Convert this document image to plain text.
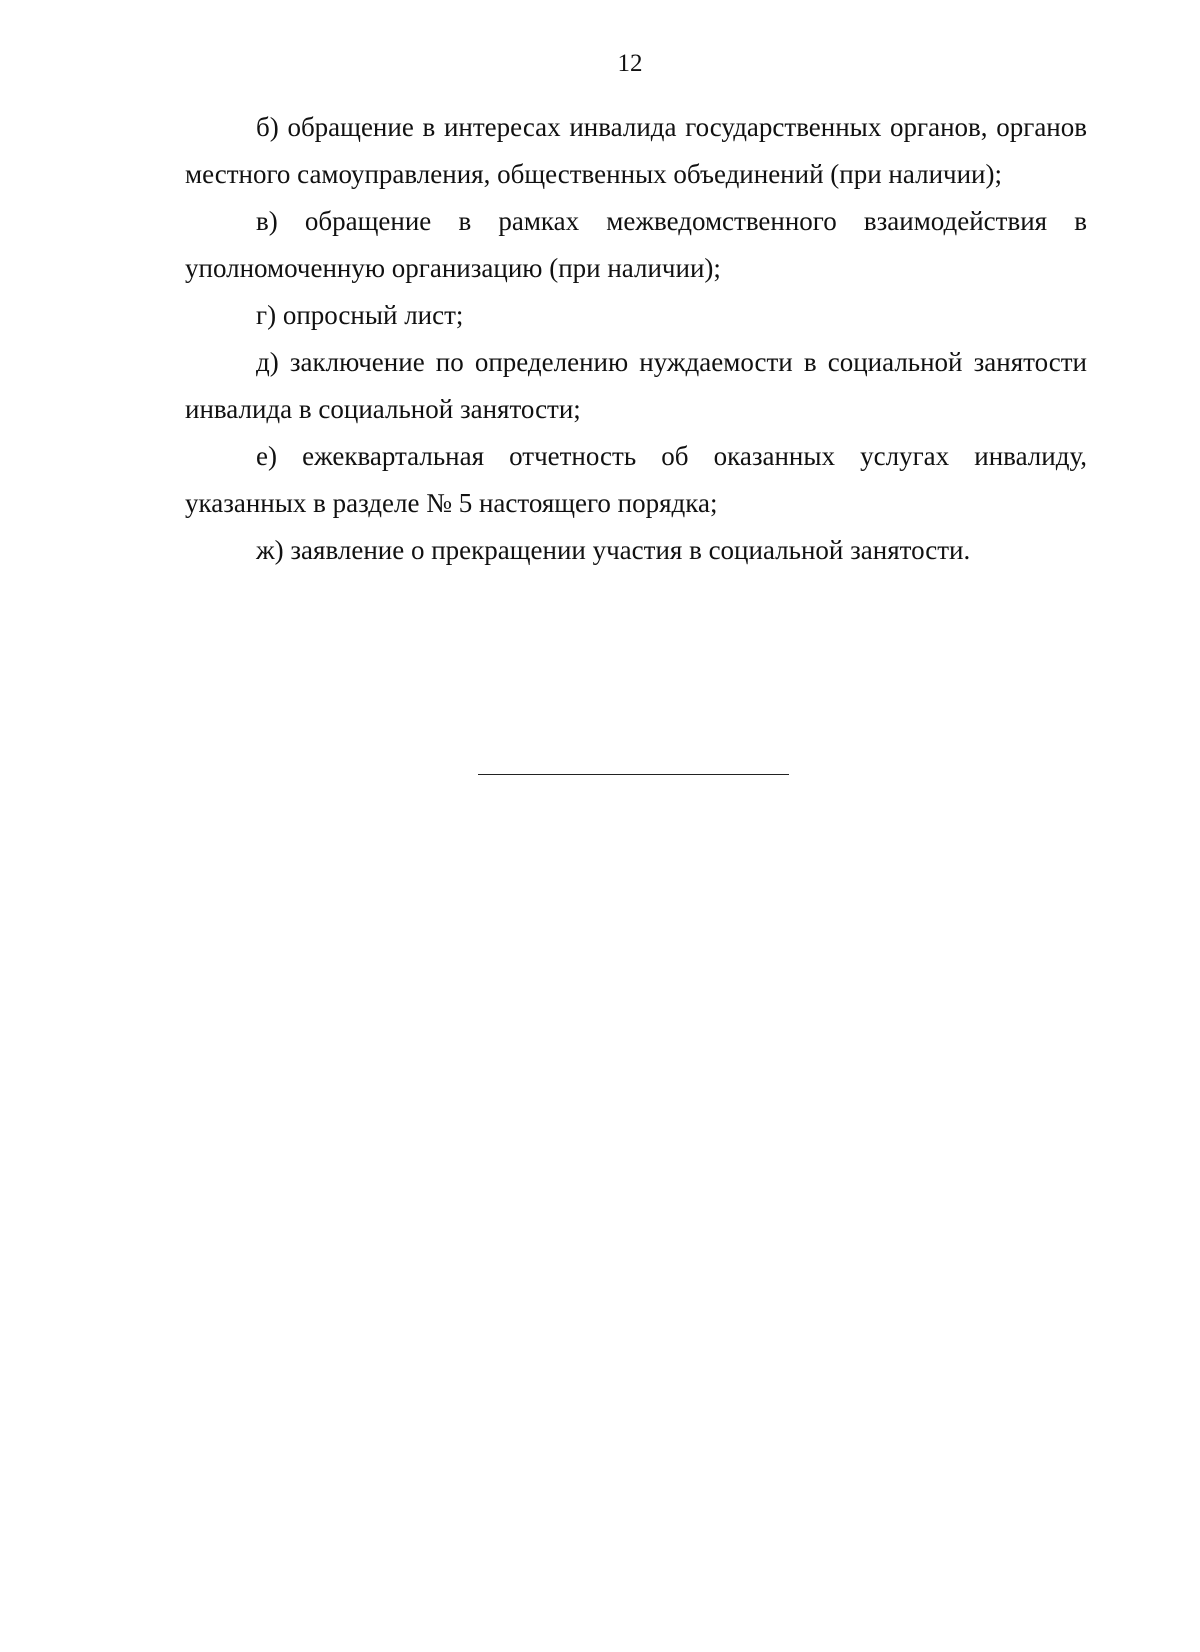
12

б) обращение в интересах инвалида государственных органов, органов местного самоуправления, общественных объединений (при наличии);

в) обращение в рамках межведомственного взаимодействия в уполномоченную организацию (при наличии);

г) опросный лист;

д) заключение по определению нуждаемости в социальной занятости инвалида в социальной занятости;

е) ежеквартальная отчетность об оказанных услугах инвалиду, указанных в разделе № 5 настоящего порядка;

ж) заявление о прекращении участия в социальной занятости.
